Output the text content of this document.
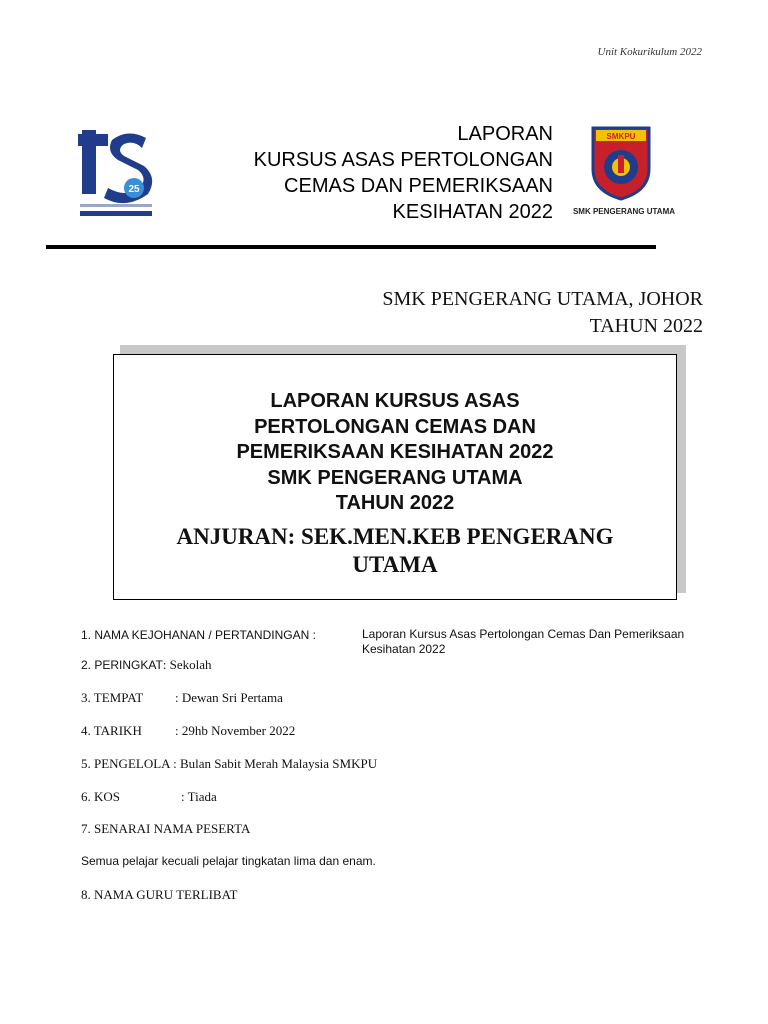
Unit Kokurikulum 2022
25
LAPORAN
KURSUS ASAS PERTOLONGAN
CEMAS DAN PEMERIKSAAN
KESIHATAN 2022
SMKPU
SMK PENGERANG UTAMA
SMK PENGERANG UTAMA, JOHOR
TAHUN 2022
LAPORAN KURSUS ASAS
PERTOLONGAN CEMAS DAN
PEMERIKSAAN KESIHATAN 2022
SMK PENGERANG UTAMA
TAHUN 2022
ANJURAN: SEK.MEN.KEB PENGERANG
UTAMA
1. NAMA KEJOHANAN / PERTANDINGAN :	Laporan Kursus Asas Pertolongan Cemas Dan Pemeriksaan
Kesihatan 2022
2. PERINGKAT: Sekolah
3. TEMPAT : Dewan Sri Pertama
4. TARIKH	: 29hb November 2022
5. PENGELOLA : Bulan Sabit Merah Malaysia SMKPU
6. KOS	: Tiada
7. SENARAI NAMA PESERTA
Semua pelajar kecuali pelajar tingkatan lima dan enam.
8. NAMA GURU TERLIBAT
